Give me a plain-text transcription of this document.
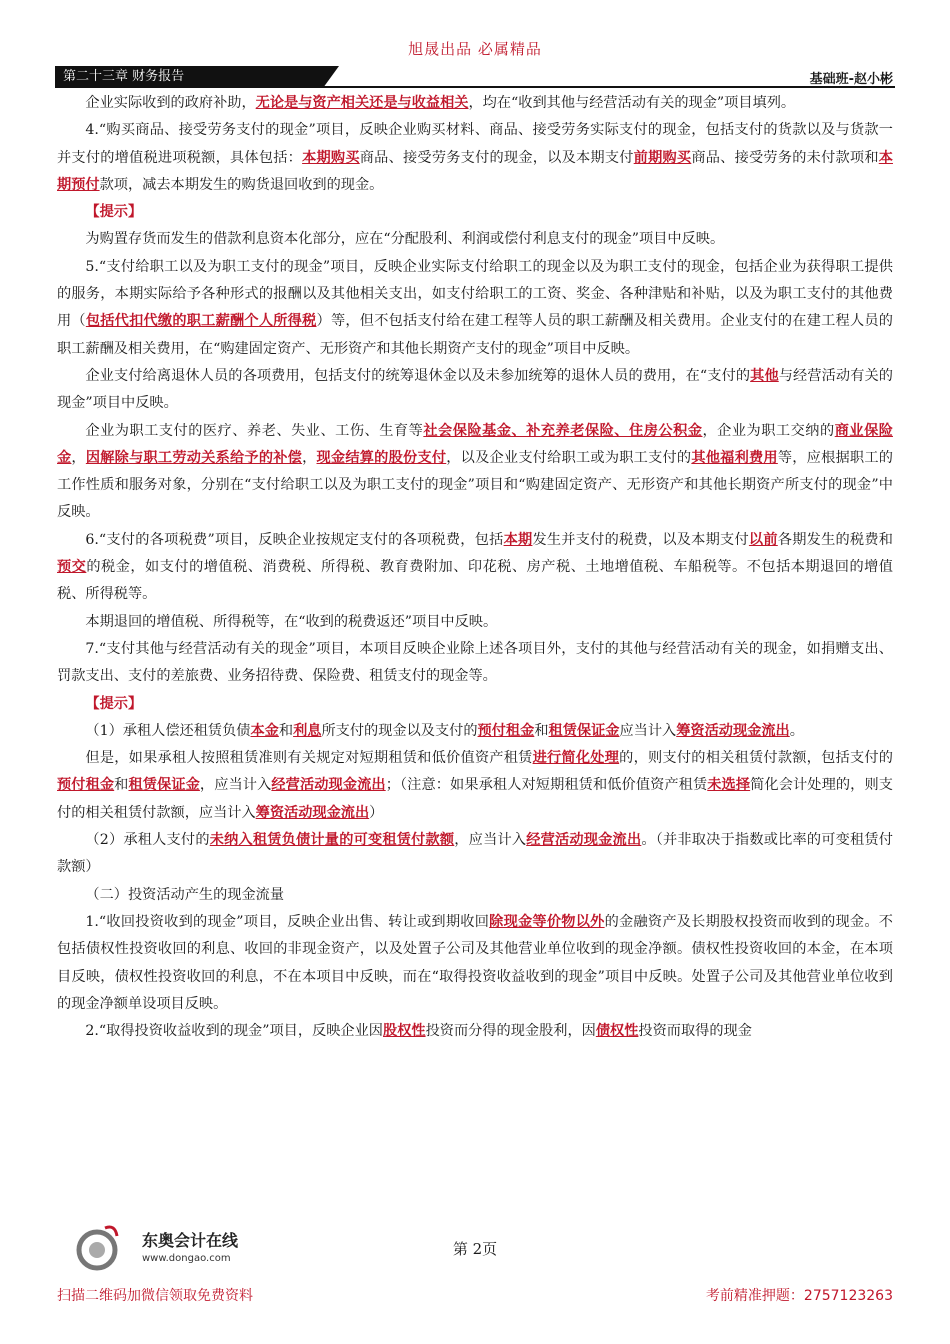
旭晟出品 必属精品
第二十三章 财务报告	基础班-赵小彬

企业实际收到的政府补助，无论是与资产相关还是与收益相关，均在“收到其他与经营活动有关的现金”项目填列。

4.“购买商品、接受劳务支付的现金”项目，反映企业购买材料、商品、接受劳务实际支付的现金，包括支付的货款以及与货款一并支付的增值税进项税额，具体包括：本期购买商品、接受劳务支付的现金，以及本期支付前期购买商品、接受劳务的未付款项和本期预付款项，减去本期发生的购货退回收到的现金。

【提示】

为购置存货而发生的借款利息资本化部分，应在“分配股利、利润或偿付利息支付的现金”项目中反映。

5.“支付给职工以及为职工支付的现金”项目，反映企业实际支付给职工的现金以及为职工支付的现金，包括企业为获得职工提供的服务，本期实际给予各种形式的报酬以及其他相关支出，如支付给职工的工资、奖金、各种津贴和补贴，以及为职工支付的其他费用（包括代扣代缴的职工薪酬个人所得税）等，但不包括支付给在建工程等人员的职工薪酬及相关费用。企业支付的在建工程人员的职工薪酬及相关费用，在“购建固定资产、无形资产和其他长期资产支付的现金”项目中反映。

企业支付给离退休人员的各项费用，包括支付的统筹退休金以及未参加统筹的退休人员的费用，在“支付的其他与经营活动有关的现金”项目中反映。

企业为职工支付的医疗、养老、失业、工伤、生育等社会保险基金、补充养老保险、住房公积金，企业为职工交纳的商业保险金，因解除与职工劳动关系给予的补偿，现金结算的股份支付，以及企业支付给职工或为职工支付的其他福利费用等，应根据职工的工作性质和服务对象，分别在“支付给职工以及为职工支付的现金”项目和“购建固定资产、无形资产和其他长期资产所支付的现金”中反映。

6.“支付的各项税费”项目，反映企业按规定支付的各项税费，包括本期发生并支付的税费，以及本期支付以前各期发生的税费和预交的税金，如支付的增值税、消费税、所得税、教育费附加、印花税、房产税、土地增值税、车船税等。不包括本期退回的增值税、所得税等。

本期退回的增值税、所得税等，在“收到的税费返还”项目中反映。

7.“支付其他与经营活动有关的现金”项目，本项目反映企业除上述各项目外，支付的其他与经营活动有关的现金，如捐赠支出、罚款支出、支付的差旅费、业务招待费、保险费、租赁支付的现金等。

【提示】

（1）承租人偿还租赁负债本金和利息所支付的现金以及支付的预付租金和租赁保证金应当计入筹资活动现金流出。

但是，如果承租人按照租赁准则有关规定对短期租赁和低价值资产租赁进行简化处理的，则支付的相关租赁付款额，包括支付的预付租金和租赁保证金，应当计入经营活动现金流出；（注意：如果承租人对短期租赁和低价值资产租赁未选择简化会计处理的，则支付的相关租赁付款额，应当计入筹资活动现金流出）

（2）承租人支付的未纳入租赁负债计量的可变租赁付款额，应当计入经营活动现金流出。（并非取决于指数或比率的可变租赁付款额）

（二）投资活动产生的现金流量

1.“收回投资收到的现金”项目，反映企业出售、转让或到期收回除现金等价物以外的金融资产及长期股权投资而收到的现金。不包括债权性投资收回的利息、收回的非现金资产，以及处置子公司及其他营业单位收到的现金净额。债权性投资收回的本金，在本项目反映，债权性投资收回的利息，不在本项目中反映，而在“取得投资收益收到的现金”项目中反映。处置子公司及其他营业单位收到的现金净额单设项目反映。

2.“取得投资收益收到的现金”项目，反映企业因股权性投资而分得的现金股利，因债权性投资而取得的现金

东奥会计在线
www.dongao.com
第 2页
扫描二维码加微信领取免费资料	考前精准押题：2757123263
